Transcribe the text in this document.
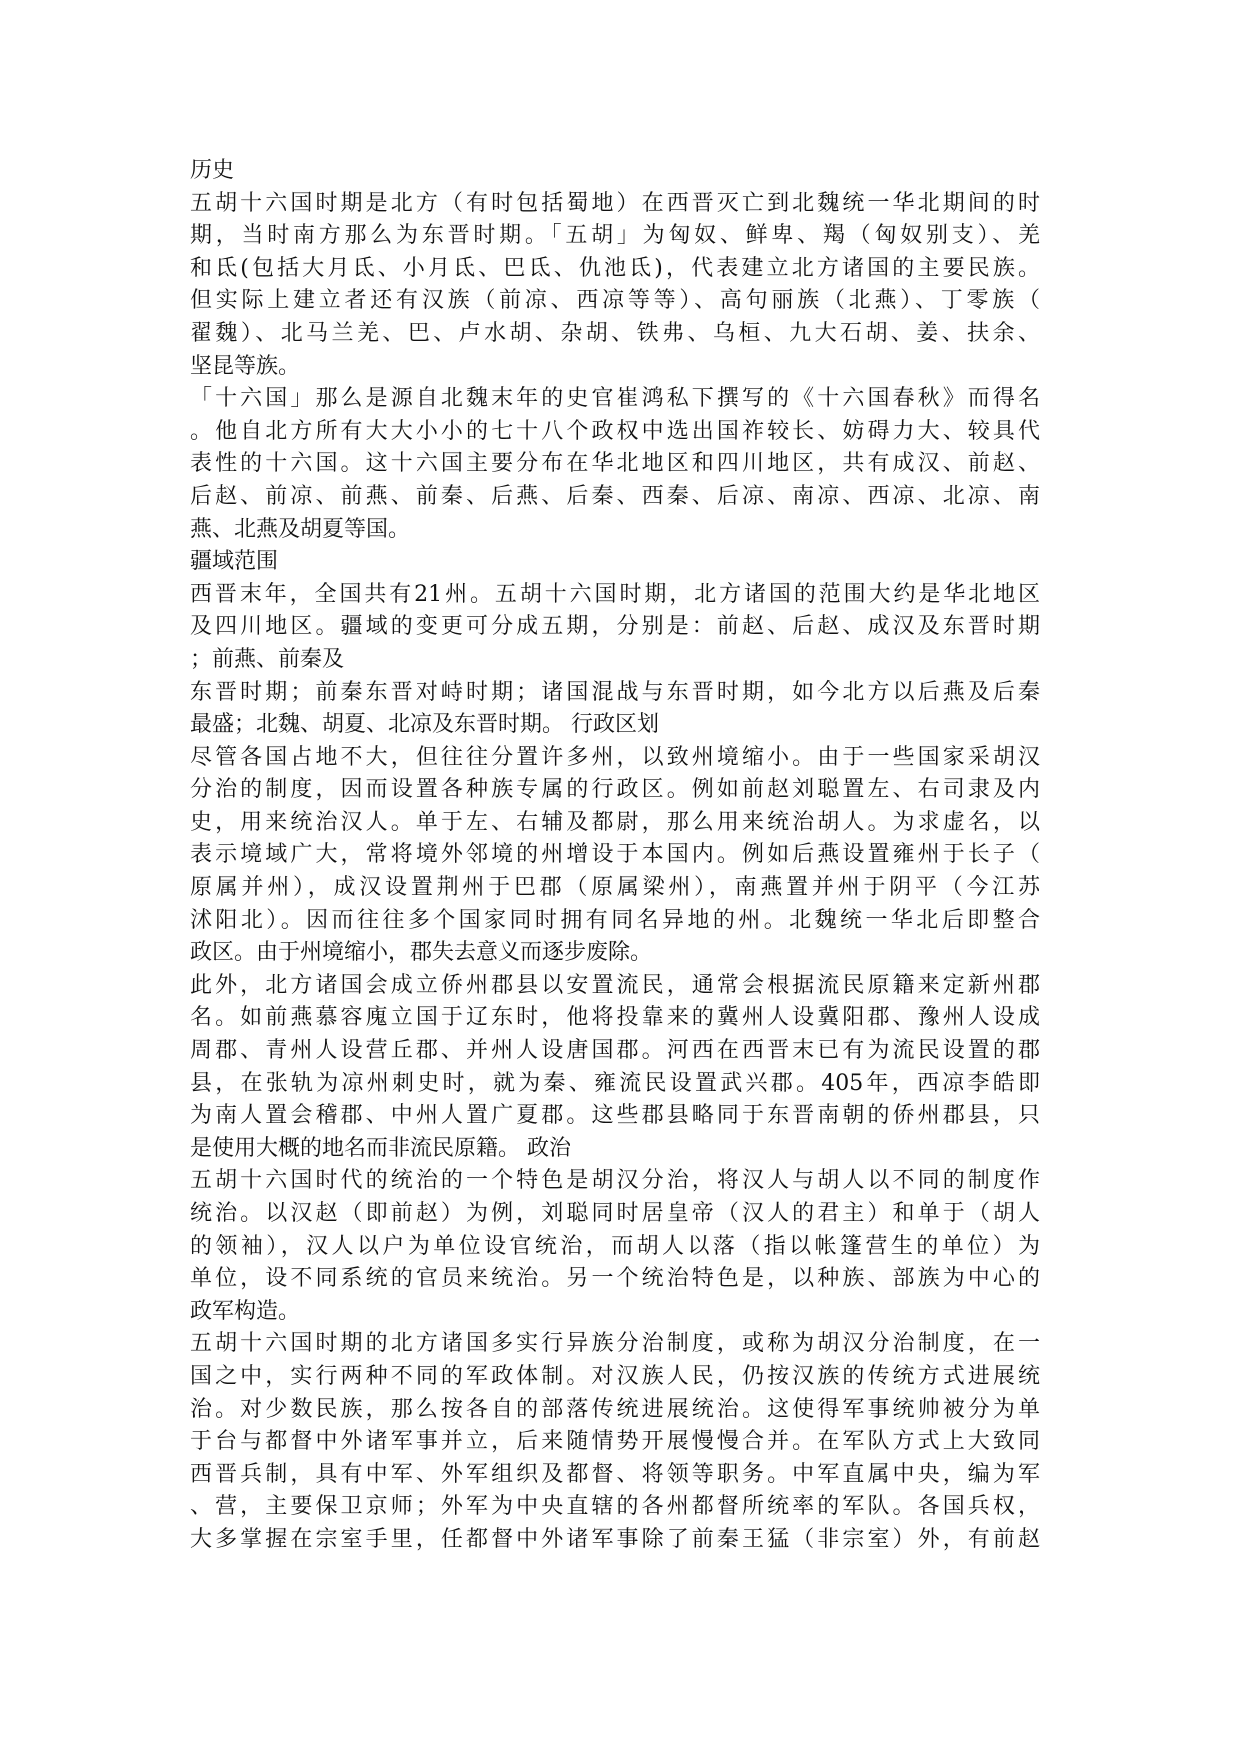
历史
五胡十六国时期是北方（有时包括蜀地）在西晋灭亡到北魏统一华北期间的时
期，当时南方那么为东晋时期。「五胡」为匈奴、鲜卑、羯（匈奴别支）、羌
和氐(包括大月氐、小月氐、巴氐、仇池氐)，代表建立北方诸国的主要民族。
但实际上建立者还有汉族（前凉、西凉等等）、高句丽族（北燕）、丁零族（
翟魏）、北马兰羌、巴、卢水胡、杂胡、铁弗、乌桓、九大石胡、姜、扶余、
坚昆等族。
「十六国」那么是源自北魏末年的史官崔鸿私下撰写的《十六国春秋》而得名
。他自北方所有大大小小的七十八个政权中选出国祚较长、妨碍力大、较具代
表性的十六国。这十六国主要分布在华北地区和四川地区，共有成汉、前赵、
后赵、前凉、前燕、前秦、后燕、后秦、西秦、后凉、南凉、西凉、北凉、南
燕、北燕及胡夏等国。
疆域范围
西晋末年，全国共有21州。五胡十六国时期，北方诸国的范围大约是华北地区
及四川地区。疆域的变更可分成五期，分别是：前赵、后赵、成汉及东晋时期
；前燕、前秦及
东晋时期；前秦东晋对峙时期；诸国混战与东晋时期，如今北方以后燕及后秦
最盛；北魏、胡夏、北凉及东晋时期。 行政区划
尽管各国占地不大，但往往分置许多州，以致州境缩小。由于一些国家采胡汉
分治的制度，因而设置各种族专属的行政区。例如前赵刘聪置左、右司隶及内
史，用来统治汉人。单于左、右辅及都尉，那么用来统治胡人。为求虚名，以
表示境域广大，常将境外邻境的州增设于本国内。例如后燕设置雍州于长子（
原属并州），成汉设置荆州于巴郡（原属梁州），南燕置并州于阴平（今江苏
沭阳北）。因而往往多个国家同时拥有同名异地的州。北魏统一华北后即整合
政区。由于州境缩小，郡失去意义而逐步废除。
此外，北方诸国会成立侨州郡县以安置流民，通常会根据流民原籍来定新州郡
名。如前燕慕容廆立国于辽东时，他将投靠来的冀州人设冀阳郡、豫州人设成
周郡、青州人设营丘郡、并州人设唐国郡。河西在西晋末已有为流民设置的郡
县，在张轨为凉州刺史时，就为秦、雍流民设置武兴郡。405年，西凉李皓即
为南人置会稽郡、中州人置广夏郡。这些郡县略同于东晋南朝的侨州郡县，只
是使用大概的地名而非流民原籍。 政治
五胡十六国时代的统治的一个特色是胡汉分治，将汉人与胡人以不同的制度作
统治。以汉赵（即前赵）为例，刘聪同时居皇帝（汉人的君主）和单于（胡人
的领袖），汉人以户为单位设官统治，而胡人以落（指以帐篷营生的单位）为
单位，设不同系统的官员来统治。另一个统治特色是，以种族、部族为中心的
政军构造。
五胡十六国时期的北方诸国多实行异族分治制度，或称为胡汉分治制度，在一
国之中，实行两种不同的军政体制。对汉族人民，仍按汉族的传统方式进展统
治。对少数民族，那么按各自的部落传统进展统治。这使得军事统帅被分为单
于台与都督中外诸军事并立，后来随情势开展慢慢合并。在军队方式上大致同
西晋兵制，具有中军、外军组织及都督、将领等职务。中军直属中央，编为军
、营，主要保卫京师；外军为中央直辖的各州都督所统率的军队。各国兵权，
大多掌握在宗室手里，任都督中外诸军事除了前秦王猛（非宗室）外，有前赵
